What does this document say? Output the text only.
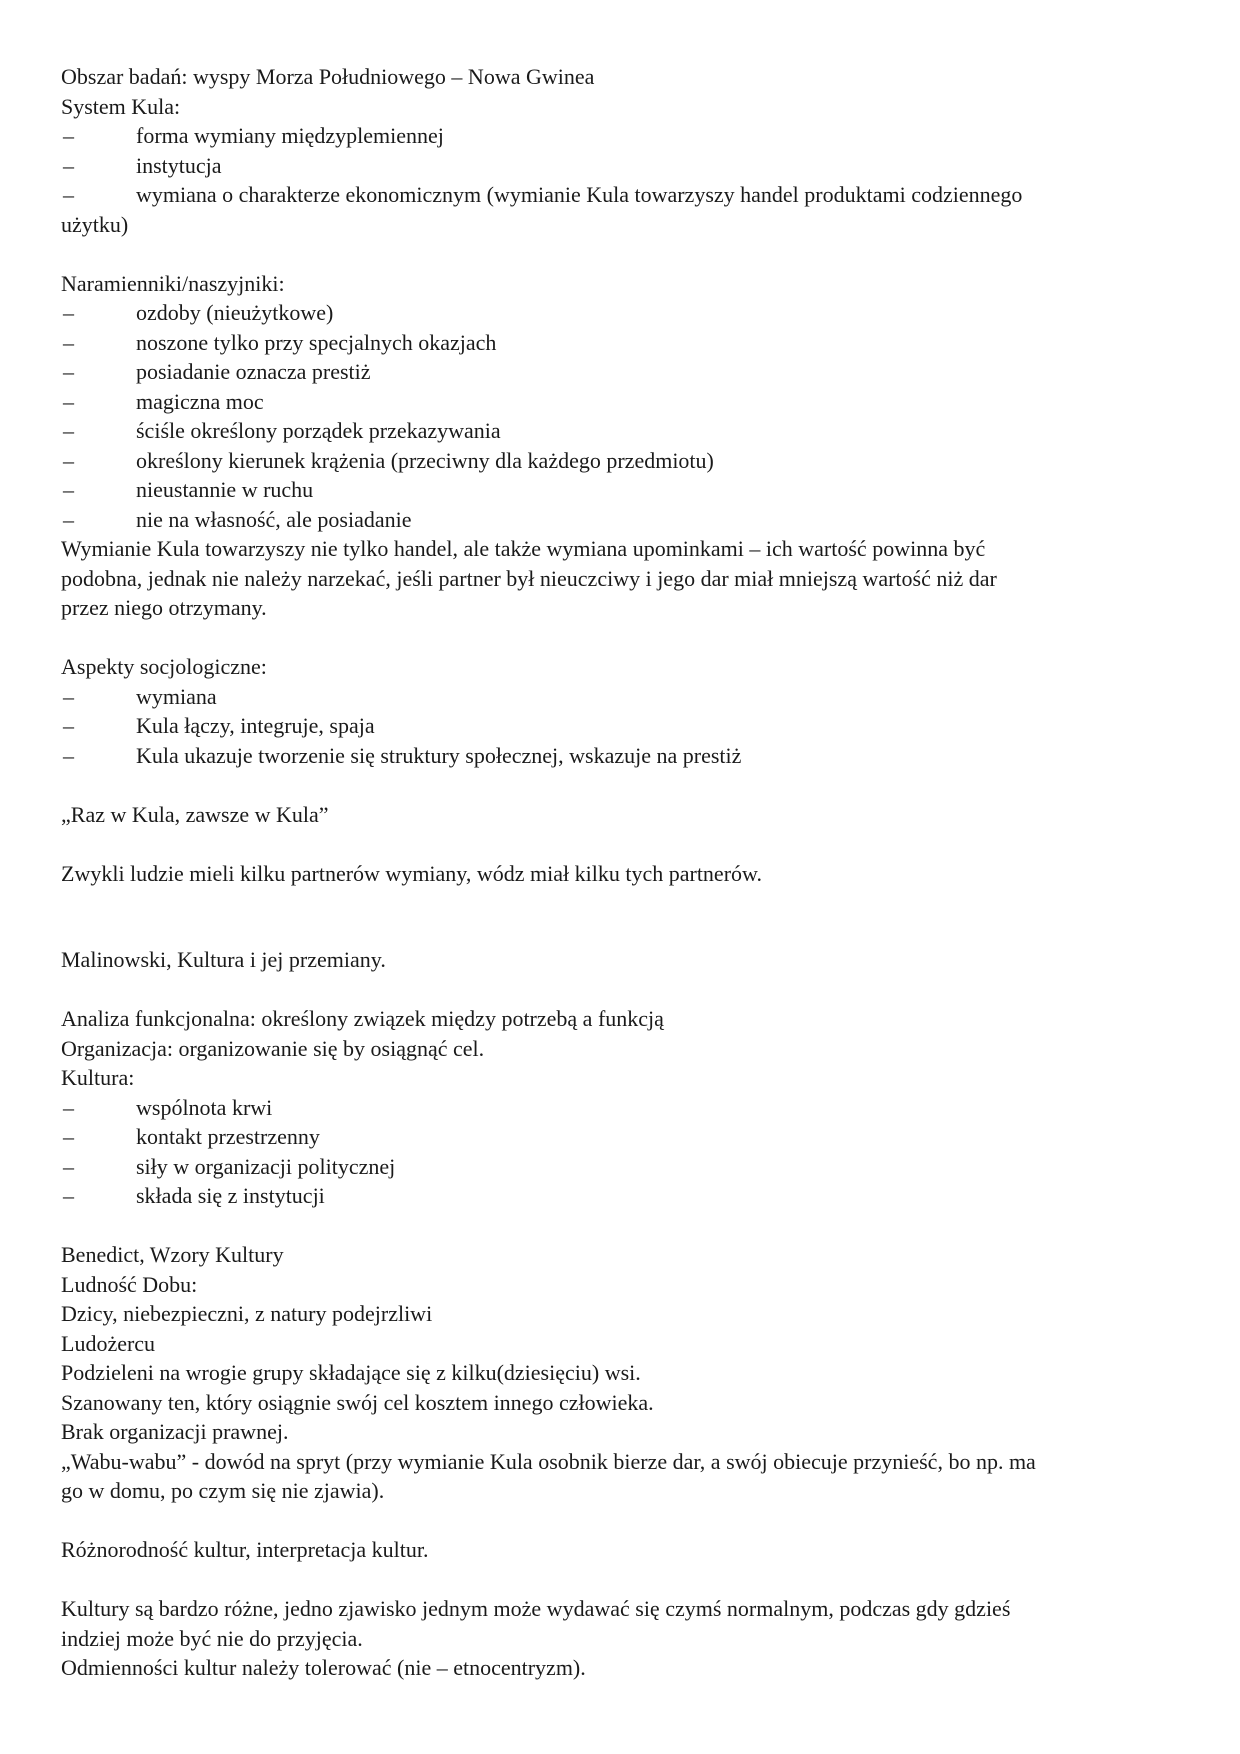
Obszar badań: wyspy Morza Południowego – Nowa Gwinea
System Kula:
–	forma wymiany międzyplemiennej
–	instytucja
–	wymiana o charakterze ekonomicznym (wymianie Kula towarzyszy handel produktami codziennego
użytku)
Naramienniki/naszyjniki:
–	ozdoby (nieużytkowe)
–	noszone tylko przy specjalnych okazjach
–	posiadanie oznacza prestiż
–	magiczna moc
–	ściśle określony porządek przekazywania
–	określony kierunek krążenia (przeciwny dla każdego przedmiotu)
–	nieustannie w ruchu
–	nie na własność, ale posiadanie
Wymianie Kula towarzyszy nie tylko handel, ale także wymiana upominkami – ich wartość powinna być
podobna, jednak nie należy narzekać, jeśli partner był nieuczciwy i jego dar miał mniejszą wartość niż dar
przez niego otrzymany.
Aspekty socjologiczne:
–	wymiana
–	Kula łączy, integruje, spaja
–	Kula ukazuje tworzenie się struktury społecznej, wskazuje na prestiż
„Raz w Kula, zawsze w Kula”
Zwykli ludzie mieli kilku partnerów wymiany, wódz miał kilku tych partnerów.
Malinowski, Kultura i jej przemiany.
Analiza funkcjonalna: określony związek między potrzebą a funkcją
Organizacja: organizowanie się by osiągnąć cel.
Kultura:
–	wspólnota krwi
–	kontakt przestrzenny
–	siły w organizacji politycznej
–	składa się z instytucji
Benedict, Wzory Kultury
Ludność Dobu:
Dzicy, niebezpieczni, z natury podejrzliwi
Ludożercu
Podzieleni na wrogie grupy składające się z kilku(dziesięciu) wsi.
Szanowany ten, który osiągnie swój cel kosztem innego człowieka.
Brak organizacji prawnej.
„Wabu-wabu” - dowód na spryt (przy wymianie Kula osobnik bierze dar, a swój obiecuje przynieść, bo np. ma
go w domu, po czym się nie zjawia).
Różnorodność kultur, interpretacja kultur.
Kultury są bardzo różne, jedno zjawisko jednym może wydawać się czymś normalnym, podczas gdy gdzieś
indziej może być nie do przyjęcia.
Odmienności kultur należy tolerować (nie – etnocentryzm).
